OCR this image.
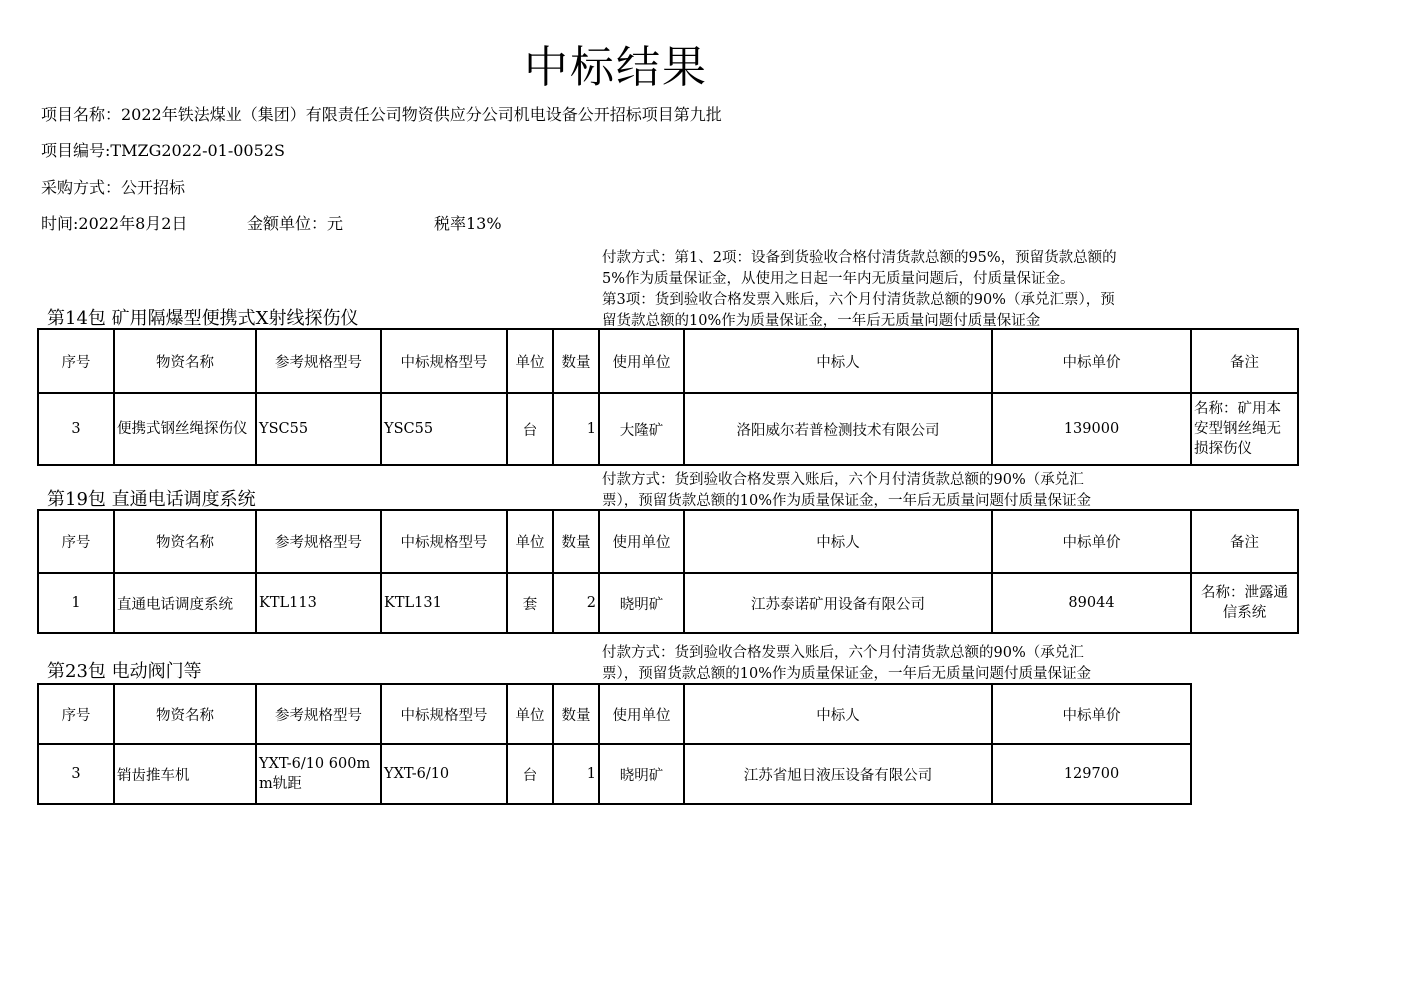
中标结果
项目名称：2022年铁法煤业（集团）有限责任公司物资供应分公司机电设备公开招标项目第九批
项目编号:TMZG2022-01-0052S
采购方式：公开招标
时间:2022年8月2日	金额单位：元	税率13%
付款方式：第1、2项：设备到货验收合格付清货款总额的95%，预留货款总额的
5%作为质量保证金，从使用之日起一年内无质量问题后，付质量保证金。
第3项：货到验收合格发票入账后，六个月付清货款总额的90%（承兑汇票），预
留货款总额的10%作为质量保证金，一年后无质量问题付质量保证金
第14包 矿用隔爆型便携式X射线探伤仪
序号	物资名称	参考规格型号	中标规格型号	单位	数量	使用单位	中标人	中标单价	备注
3	便携式钢丝绳探伤仪	YSC55	YSC55	台	1	大隆矿	洛阳威尔若普检测技术有限公司	139000	名称：矿用本安型钢丝绳无损探伤仪
付款方式：货到验收合格发票入账后，六个月付清货款总额的90%（承兑汇
票），预留货款总额的10%作为质量保证金，一年后无质量问题付质量保证金
第19包 直通电话调度系统
序号	物资名称	参考规格型号	中标规格型号	单位	数量	使用单位	中标人	中标单价	备注
1	直通电话调度系统	KTL113	KTL131	套	2	晓明矿	江苏泰诺矿用设备有限公司	89044	名称：泄露通信系统
付款方式：货到验收合格发票入账后，六个月付清货款总额的90%（承兑汇
票），预留货款总额的10%作为质量保证金，一年后无质量问题付质量保证金
第23包 电动阀门等
序号	物资名称	参考规格型号	中标规格型号	单位	数量	使用单位	中标人	中标单价
3	销齿推车机	YXT-6/10 600mm轨距	YXT-6/10	台	1	晓明矿	江苏省旭日液压设备有限公司	129700
